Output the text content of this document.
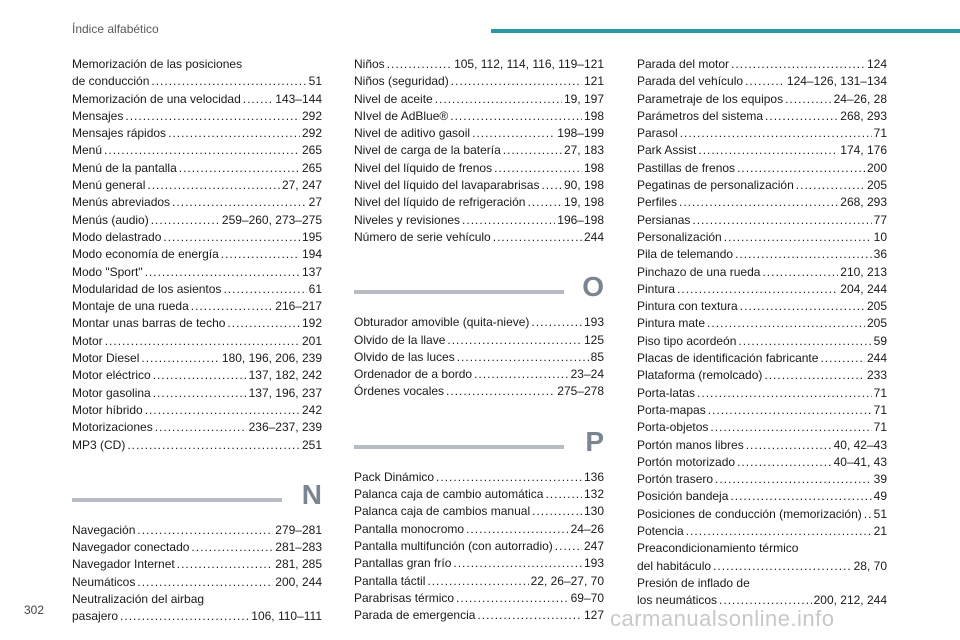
Índice alfabético
Memorización de las posiciones
de conducción .....	51
Memorización de una velocidad .....	143–144
Mensajes .....	292
Mensajes rápidos .....	292
Menú .....	265
Menú de la pantalla .....	265
Menú general .....	27, 247
Menús abreviados .....	27
Menús (audio) .....	259–260, 273–275
Modo delastrado .....	195
Modo economía de energía .....	194
Modo "Sport" .....	137
Modularidad de los asientos .....	61
Montaje de una rueda .....	216–217
Montar unas barras de techo .....	192
Motor .....	201
Motor Diesel .....	180, 196, 206, 239
Motor eléctrico .....	137, 182, 242
Motor gasolina .....	137, 196, 237
Motor híbrido .....	242
Motorizaciones .....	236–237, 239
MP3 (CD) .....	251
N
Navegación .....	279–281
Navegador conectado .....	281–283
Navegador Internet .....	281, 285
Neumáticos .....	200, 244
Neutralización del airbag
pasajero .....	106, 110–111
Niños .....	105, 112, 114, 116, 119–121
Niños (seguridad) .....	121
Nivel de aceite .....	19, 197
NIvel de AdBlue® .....	198
Nivel de aditivo gasoil .....	198–199
Nivel de carga de la batería .....	27, 183
Nivel del líquido de frenos .....	198
Nivel del líquido del lavaparabrisas ..... 90, 198
Nivel del líquido de refrigeración .....	19, 198
Niveles y revisiones .....	196–198
Número de serie vehículo .....	244
O
Obturador amovible (quita-nieve) .....	193
Olvido de la llave .....	125
Olvido de las luces .....	85
Ordenador de a bordo .....	23–24
Órdenes vocales .....	275–278
P
Pack Dinámico .....	136
Palanca caja de cambio automática .....	132
Palanca caja de cambios manual .....	130
Pantalla monocromo .....	24–26
Pantalla multifunción (con autorradio) .....	247
Pantallas gran frío .....	193
Pantalla táctil .....	22, 26–27, 70
Parabrisas térmico .....	69–70
Parada de emergencia .....	127
Parada del motor .....	124
Parada del vehículo .....	124–126, 131–134
Parametraje de los equipos .....	24–26, 28
Parámetros del sistema .....	268, 293
Parasol .....	71
Park Assist .....	174, 176
Pastillas de frenos .....	200
Pegatinas de personalización .....	205
Perfiles .....	268, 293
Persianas .....	77
Personalización .....	10
Pila de telemando .....	36
Pinchazo de una rueda .....	210, 213
Pintura .....	204, 244
Pintura con textura .....	205
Pintura mate .....	205
Piso tipo acordeón .....	59
Placas de identificación fabricante .....	244
Plataforma (remolcado) .....	233
Porta-latas .....	71
Porta-mapas .....	71
Porta-objetos .....	71
Portón manos libres .....	40, 42–43
Portón motorizado .....	40–41, 43
Portón trasero .....	39
Posición bandeja .....	49
Posiciones de conducción (memorización) ..... 51
Potencia .....	21
Preacondicionamiento térmico
del habitáculo .....	28, 70
Presión de inflado de
los neumáticos .....	200, 212, 244
302	carmanualsonline.info
